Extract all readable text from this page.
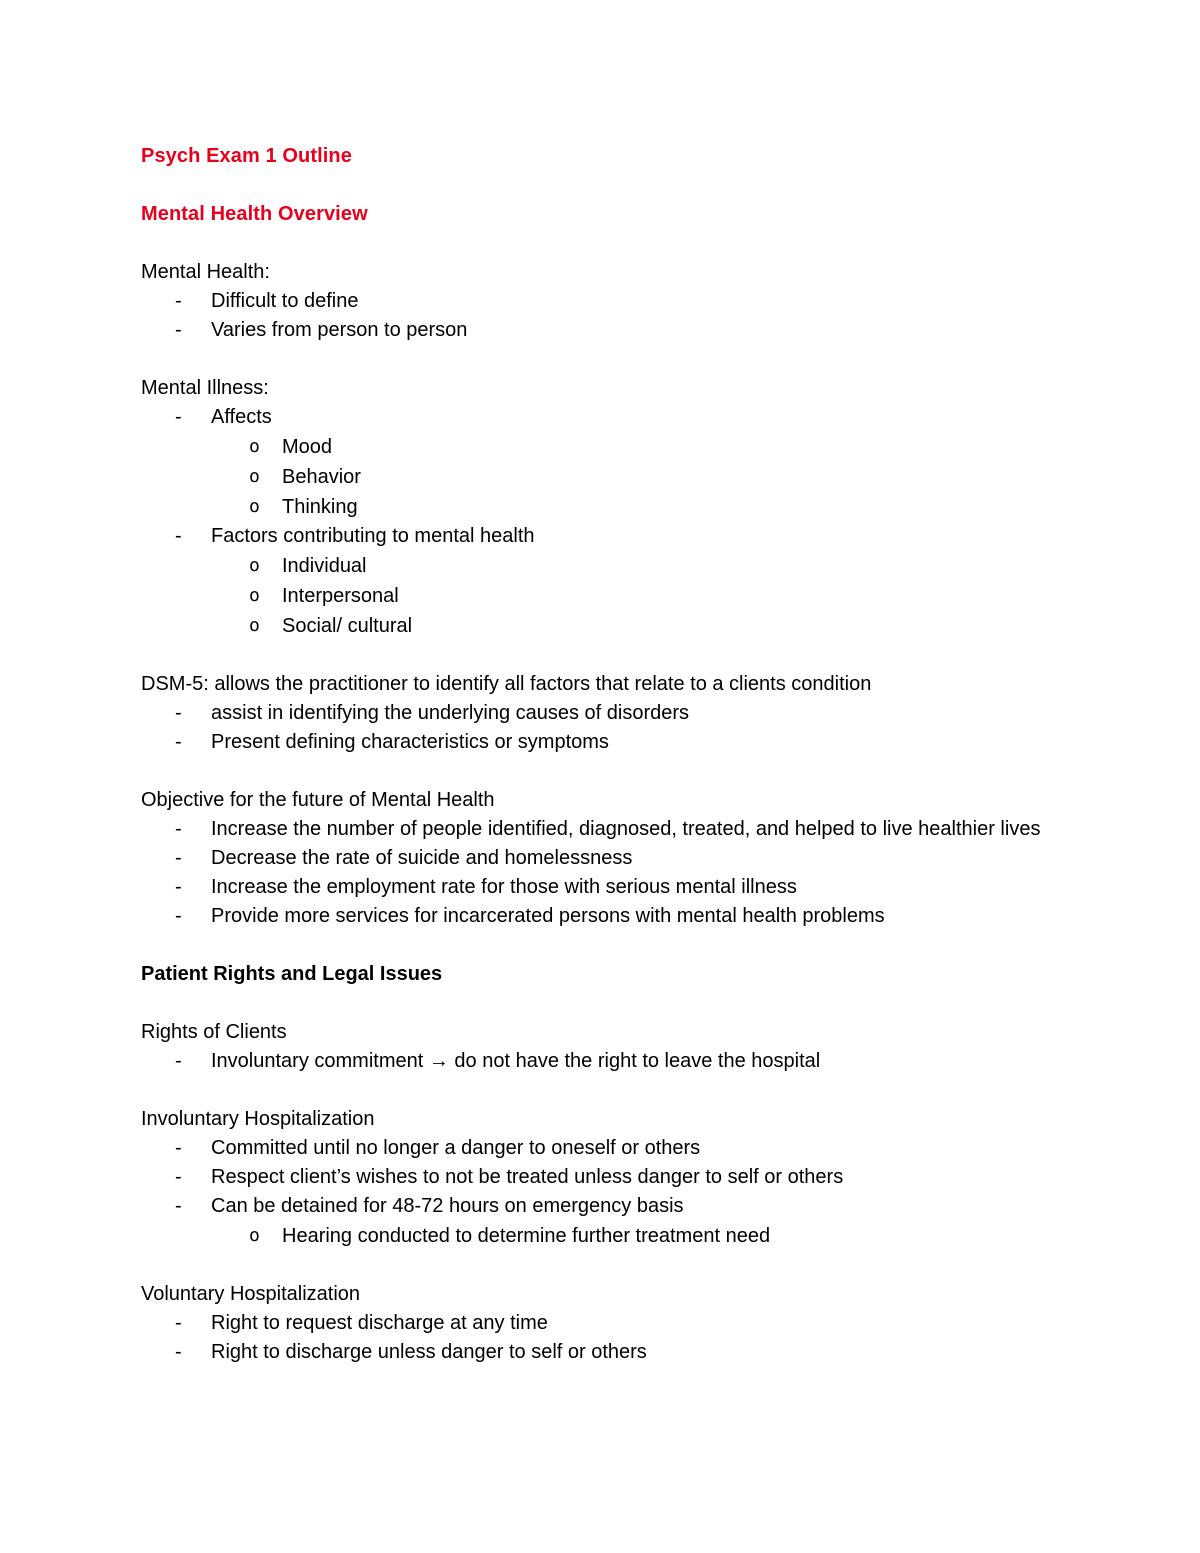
Psych Exam 1 Outline
Mental Health Overview
Mental Health:
- Difficult to define
- Varies from person to person
Mental Illness:
- Affects
o Mood
o Behavior
o Thinking
- Factors contributing to mental health
o Individual
o Interpersonal
o Social/ cultural
DSM-5: allows the practitioner to identify all factors that relate to a clients condition
- assist in identifying the underlying causes of disorders
- Present defining characteristics or symptoms
Objective for the future of Mental Health
- Increase the number of people identified, diagnosed, treated, and helped to live healthier lives
- Decrease the rate of suicide and homelessness
- Increase the employment rate for those with serious mental illness
- Provide more services for incarcerated persons with mental health problems
Patient Rights and Legal Issues
Rights of Clients
- Involuntary commitment → do not have the right to leave the hospital
Involuntary Hospitalization
- Committed until no longer a danger to oneself or others
- Respect client’s wishes to not be treated unless danger to self or others
- Can be detained for 48-72 hours on emergency basis
o Hearing conducted to determine further treatment need
Voluntary Hospitalization
- Right to request discharge at any time
- Right to discharge unless danger to self or others
